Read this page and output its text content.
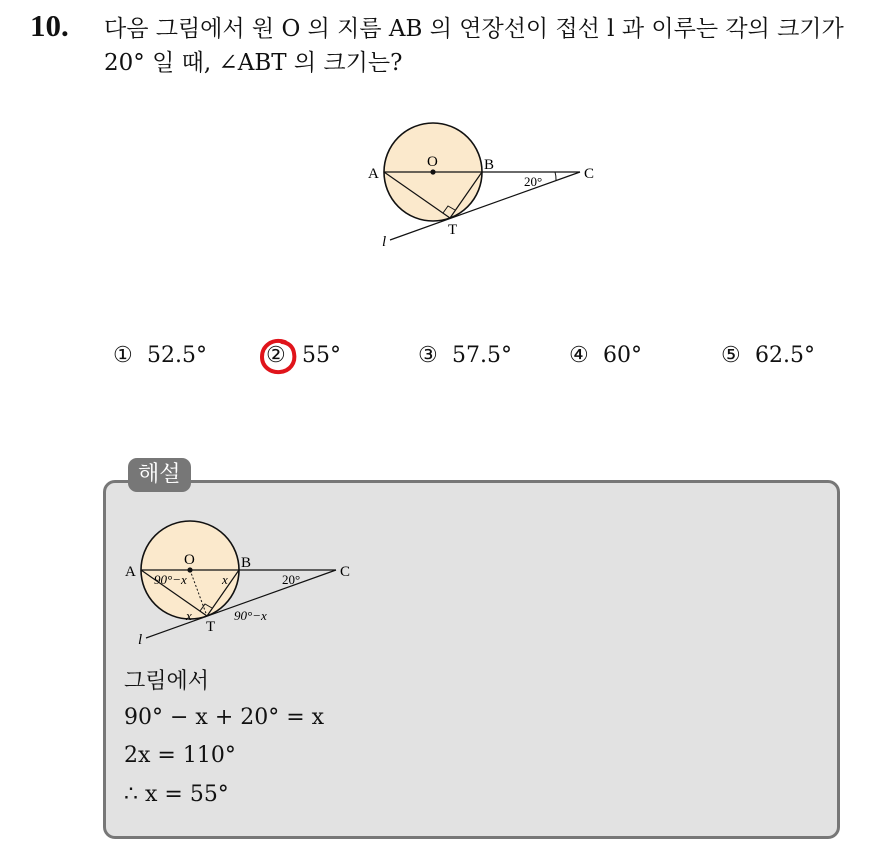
10. 다음 그림에서 원 O 의 지름 AB 의 연장선이 접선 l 과 이루는 각의 크기가 20° 일 때, ∠ABT 의 크기는?
A
O	B
C
T
l
20°
① 52.5°	② 55°	③ 57.5°	④ 60°	⑤ 62.5°
해설
A
O	B
C
T
l
90°−x	x	20°
x	90°−x
그림에서
90° − x + 20° = x
2x = 110°
∴ x = 55°
